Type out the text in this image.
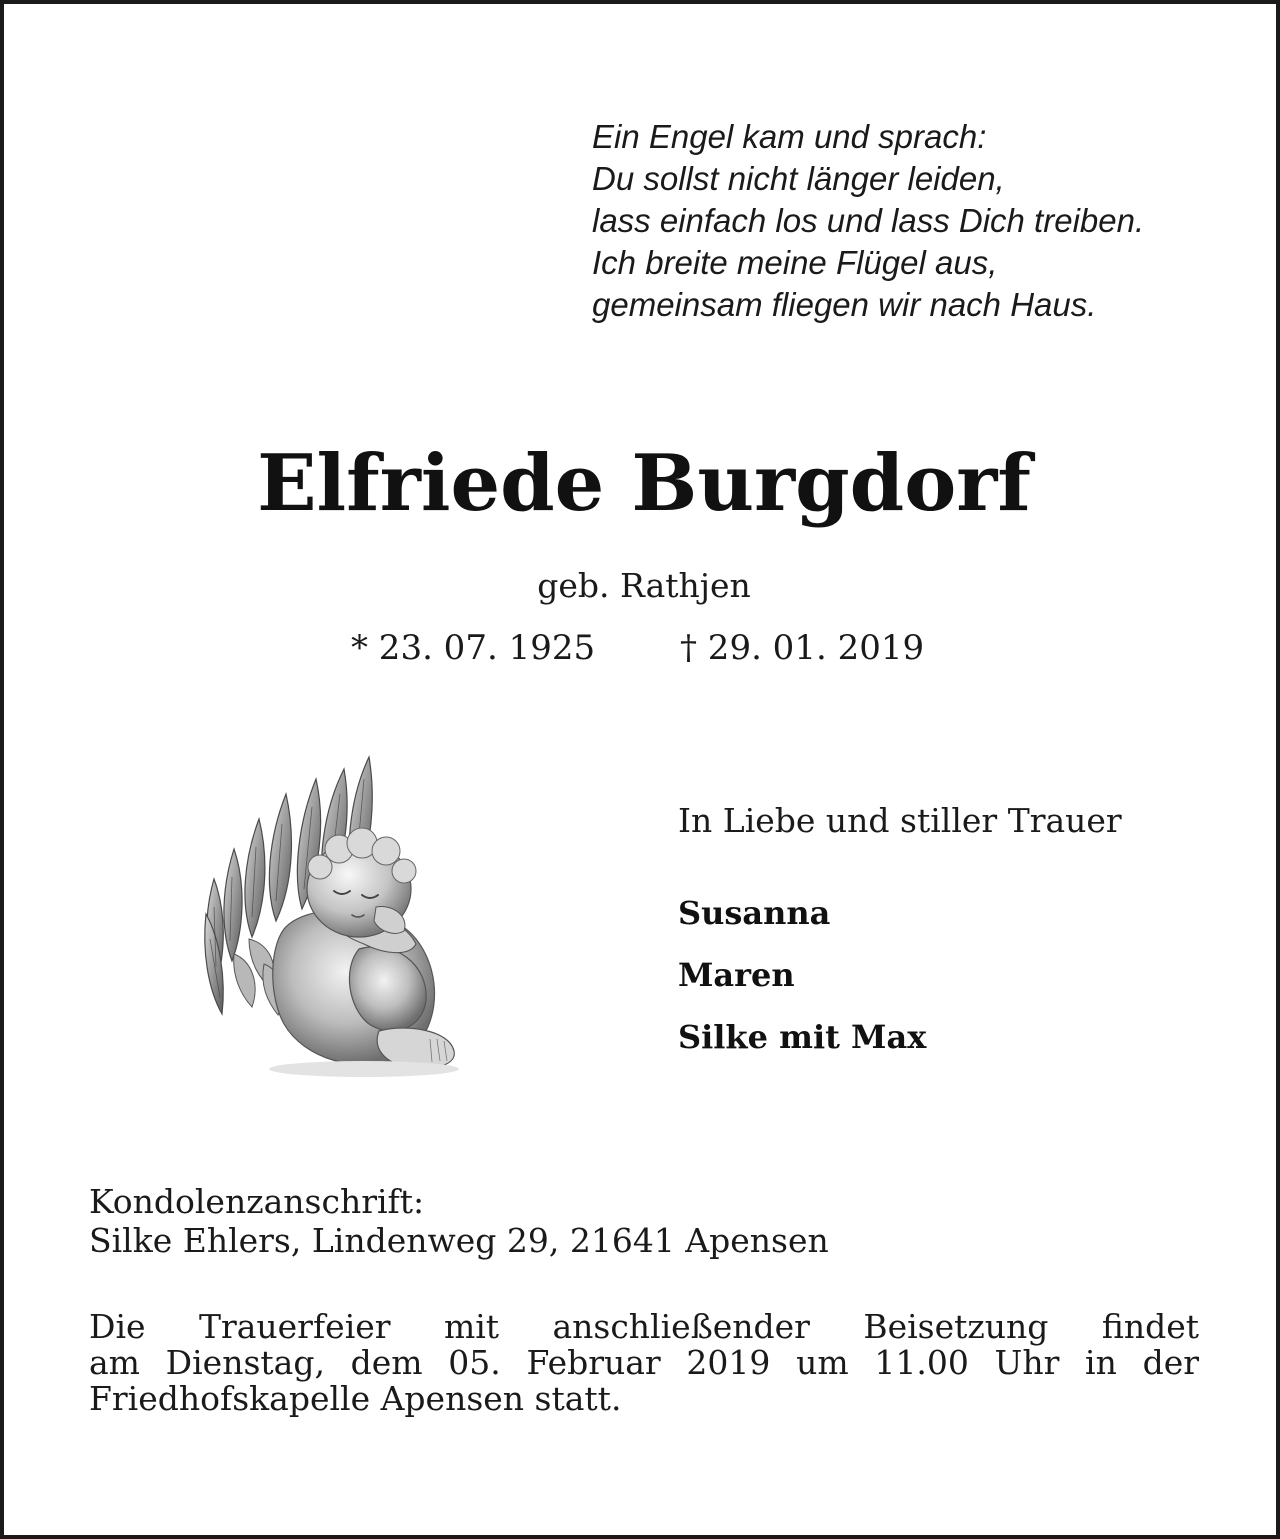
Ein Engel kam und sprach:
Du sollst nicht länger leiden,
lass einfach los und lass Dich treiben.
Ich breite meine Flügel aus,
gemeinsam fliegen wir nach Haus.
Elfriede Burgdorf
geb. Rathjen
* 23. 07. 1925 † 29. 01. 2019
In Liebe und stiller Trauer
Susanna
Maren
Silke mit Max
Kondolenzanschrift:
Silke Ehlers, Lindenweg 29, 21641 Apensen
Die Trauerfeier mit anschließender Beisetzung findet
am Dienstag, dem 05. Februar 2019 um 11.00 Uhr in der
Friedhofskapelle Apensen statt.
